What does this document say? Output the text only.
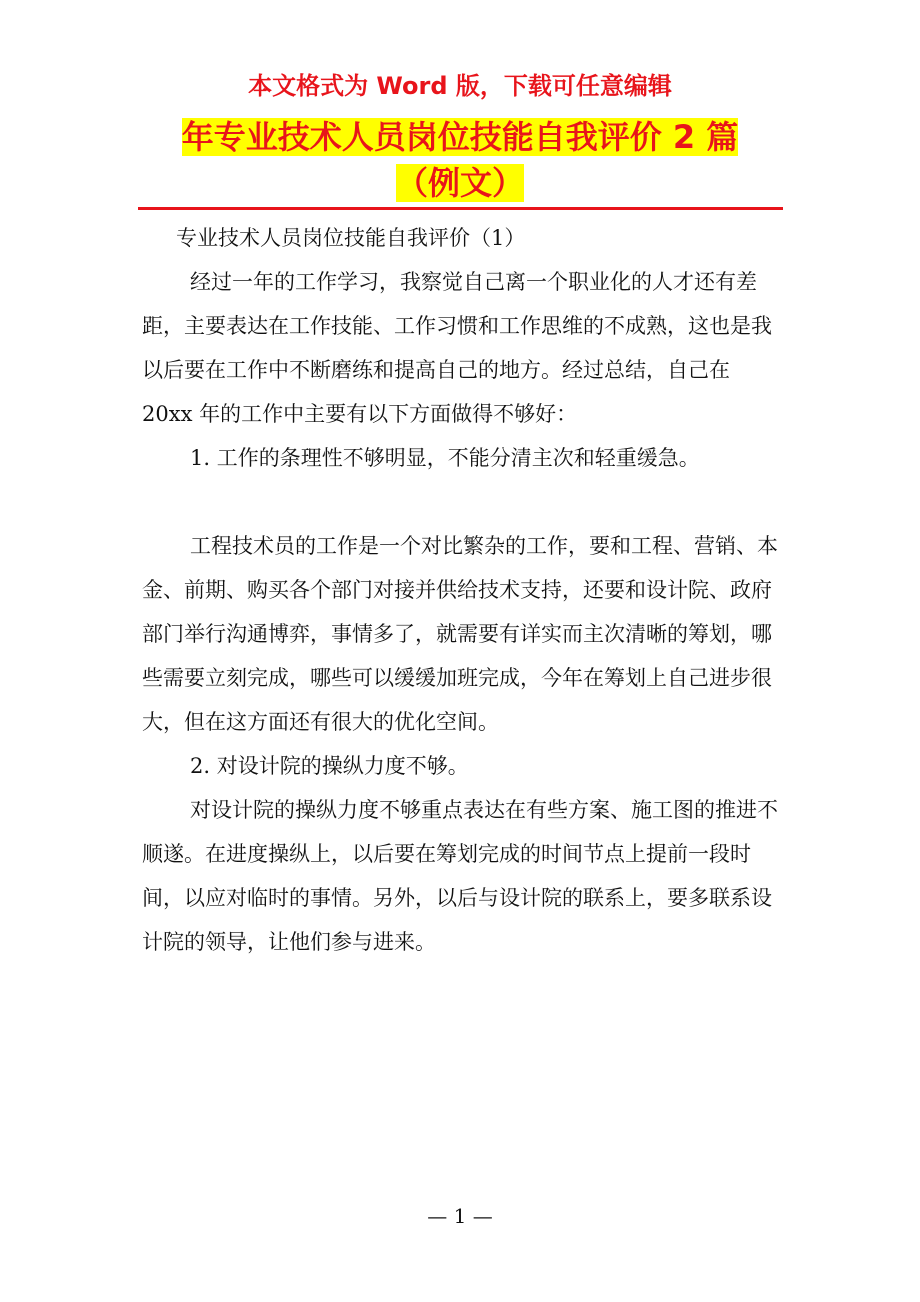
本文格式为 Word 版，下载可任意编辑
年专业技术人员岗位技能自我评价 2 篇
（例文）

专业技术人员岗位技能自我评价（1）

经过一年的工作学习，我察觉自己离一个职业化的人才还有差距，主要表达在工作技能、工作习惯和工作思维的不成熟，这也是我以后要在工作中不断磨练和提高自己的地方。经过总结，自己在 20xx 年的工作中主要有以下方面做得不够好：

1. 工作的条理性不够明显，不能分清主次和轻重缓急。

工程技术员的工作是一个对比繁杂的工作，要和工程、营销、本金、前期、购买各个部门对接并供给技术支持，还要和设计院、政府部门举行沟通博弈，事情多了，就需要有详实而主次清晰的筹划，哪些需要立刻完成，哪些可以缓缓加班完成，今年在筹划上自己进步很大，但在这方面还有很大的优化空间。

2. 对设计院的操纵力度不够。

对设计院的操纵力度不够重点表达在有些方案、施工图的推进不顺遂。在进度操纵上，以后要在筹划完成的时间节点上提前一段时间，以应对临时的事情。另外，以后与设计院的联系上，要多联系设计院的领导，让他们参与进来。

— 1 —
